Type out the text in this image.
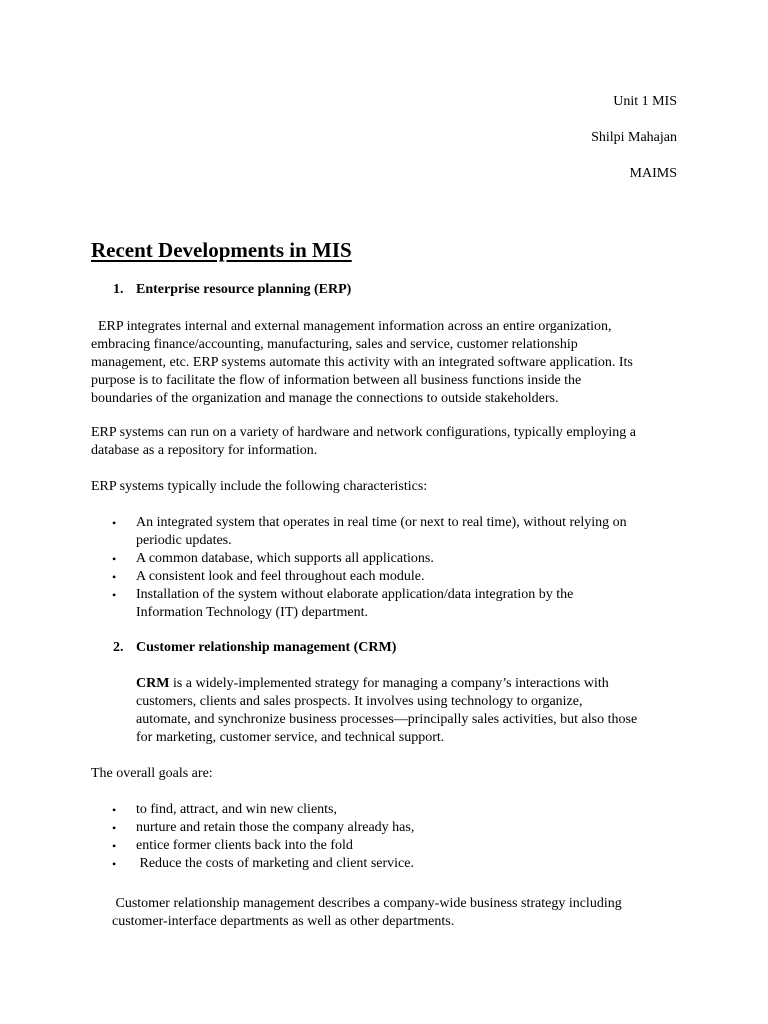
Unit 1 MIS
Shilpi Mahajan
MAIMS
Recent Developments in MIS
1. Enterprise resource planning (ERP)
ERP integrates internal and external management information across an entire organization,
embracing finance/accounting, manufacturing, sales and service, customer relationship
management, etc. ERP systems automate this activity with an integrated software application. Its
purpose is to facilitate the flow of information between all business functions inside the
boundaries of the organization and manage the connections to outside stakeholders.
ERP systems can run on a variety of hardware and network configurations, typically employing a
database as a repository for information.
ERP systems typically include the following characteristics:
• An integrated system that operates in real time (or next to real time), without relying on
periodic updates.
• A common database, which supports all applications.
• A consistent look and feel throughout each module.
• Installation of the system without elaborate application/data integration by the
Information Technology (IT) department.
2. Customer relationship management (CRM)
CRM is a widely-implemented strategy for managing a company’s interactions with
customers, clients and sales prospects. It involves using technology to organize,
automate, and synchronize business processes—principally sales activities, but also those
for marketing, customer service, and technical support.
The overall goals are:
• to find, attract, and win new clients,
• nurture and retain those the company already has,
• entice former clients back into the fold
• Reduce the costs of marketing and client service.
Customer relationship management describes a company-wide business strategy including
customer-interface departments as well as other departments.
